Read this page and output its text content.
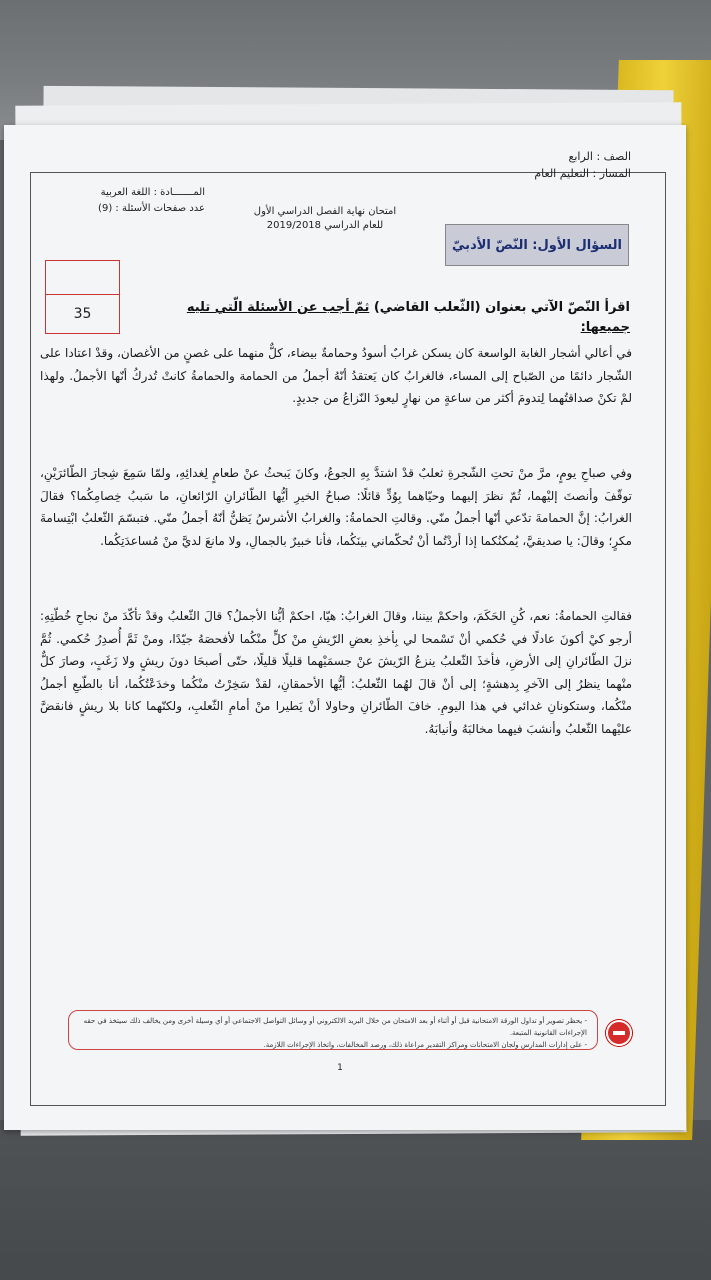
الصف : الرابع
المسار : التعليم العام
امتحان نهاية الفصل الدراسي الأول
للعام الدراسي 2019/2018
المـــــــادة : اللغة العربية
عدد صفحات الأسئلة : (9)
السؤال الأول: النّصّ الأدبيّ
35	اقرأ النّصّ الآتي بعنوان (الثّعلب القاضي) ثمّ أجب عن الأسئلة الّتي تليه جميعها:
في أعالي أشجار الغابة الواسعة كان يسكن غرابٌ أسودُ وحمامةٌ بيضاء، كلٌّ منهما على غصنٍ من الأغصان، وقدْ اعتادا على الشّجار دائمًا من الصّباح إلى المساء، فالغرابُ كان يَعتقدُ أنّهُ أجملُ من الحمامة والحمامةُ كانتْ تُدركُ أنّها الأجملُ. ولهذا لمْ تكنْ صداقتُهما لِتدومَ أكثر من ساعةٍ من نهارٍ ليعودَ النّزاعُ من جديدٍ.
وفي صباحِ يومٍ، مرَّ منْ تحتِ الشّجرةِ ثعلبٌ قدْ اشتدَّ بِهِ الجوعُ، وكانَ يَبحثُ عنْ طعامٍ لِغدائِهِ، ولمّا سَمِعَ شِجارَ الطّائرَيْنِ، توقّفَ وأنصتَ إليْهما، ثُمّ نظرَ إليهما وحيّاهما بِوُدٍّ قائلًا: صباحُ الخيرِ أيُّها الطّائرانِ الرّائعانِ، ما سَببُ خِصامِكُما؟ فقالَ الغرابُ: إنَّ الحمامةَ تدّعي أنّها أجملُ منّي. وقالتِ الحمامةُ: والغرابُ الأشرسُ يَظنُّ أنّهُ أجملُ منّي. فتبسّمَ الثّعلبُ ابْتِسامةَ مكرٍ؛ وقالَ: يا صديقيَّ، يُمكنُكما إذا أردْتُما أنْ تُحكّماني بينَكُما، فأنا خبيرٌ بالجمالِ، ولا مانعَ لديَّ منْ مُساعدَتِكُما.
فقالتِ الحمامةُ: نعم، كُنِ الحَكَمَ، واحكمْ بيننا، وقالَ الغرابُ: هيّا، احكمْ أيُّنا الأجملُ؟ قالَ الثّعلبُ وقدْ تأكّدَ منْ نجاحِ خُطّتِهِ: أرجو كيْ أكونَ عادلًا في حُكمي أنْ تَسْمحا لي بِأخذِ بعضِ الرّيشِ منْ كلٍّ منْكُما لأفحصَهُ جيّدًا، ومنْ ثَمَّ أُصدِرُ حُكمي. ثُمَّ نزلَ الطّائرانِ إلى الأرضِ، فأخذَ الثّعلبُ ينزعُ الرّيشَ عنْ جسمَيْهما قليلًا قليلًا، حتّى أصبحَا دونَ ريشٍ ولا زَغَبٍ، وصارَ كلٌّ منْهما ينظرُ إلى الآخرِ بِدهشةٍ؛ إلى أنْ قالَ لهُما الثّعلبُ: أيُّها الأحمقانِ، لقدْ سَخِرْتُ منْكُما وخدَعْتُكُما، أنا بالطّبعِ أجملُ منْكُما، وستكونانِ غدائي في هذا اليومِ. خافَ الطّائرانِ وحاولا أنْ يَطيرا منْ أمامِ الثّعلبِ، ولكنّهما كانا بلا ريشٍ فانقضَّ عليْهما الثّعلبُ وأنشبَ فيهما مخالبَهُ وأنيابَهُ.
- يحظر تصوير أو تداول الورقة الامتحانية قبل أو أثناء أو بعد الامتحان من خلال البريد الالكتروني أو وسائل التواصل الاجتماعي أو أي وسيلة أخرى ومن يخالف ذلك سيتخذ في حقه الإجراءات القانونية المتبعة.
- على إدارات المدارس ولجان الامتحانات ومراكز التقدير مراعاة ذلك، ورصد المخالفات، واتخاذ الإجراءات اللازمة.
1
